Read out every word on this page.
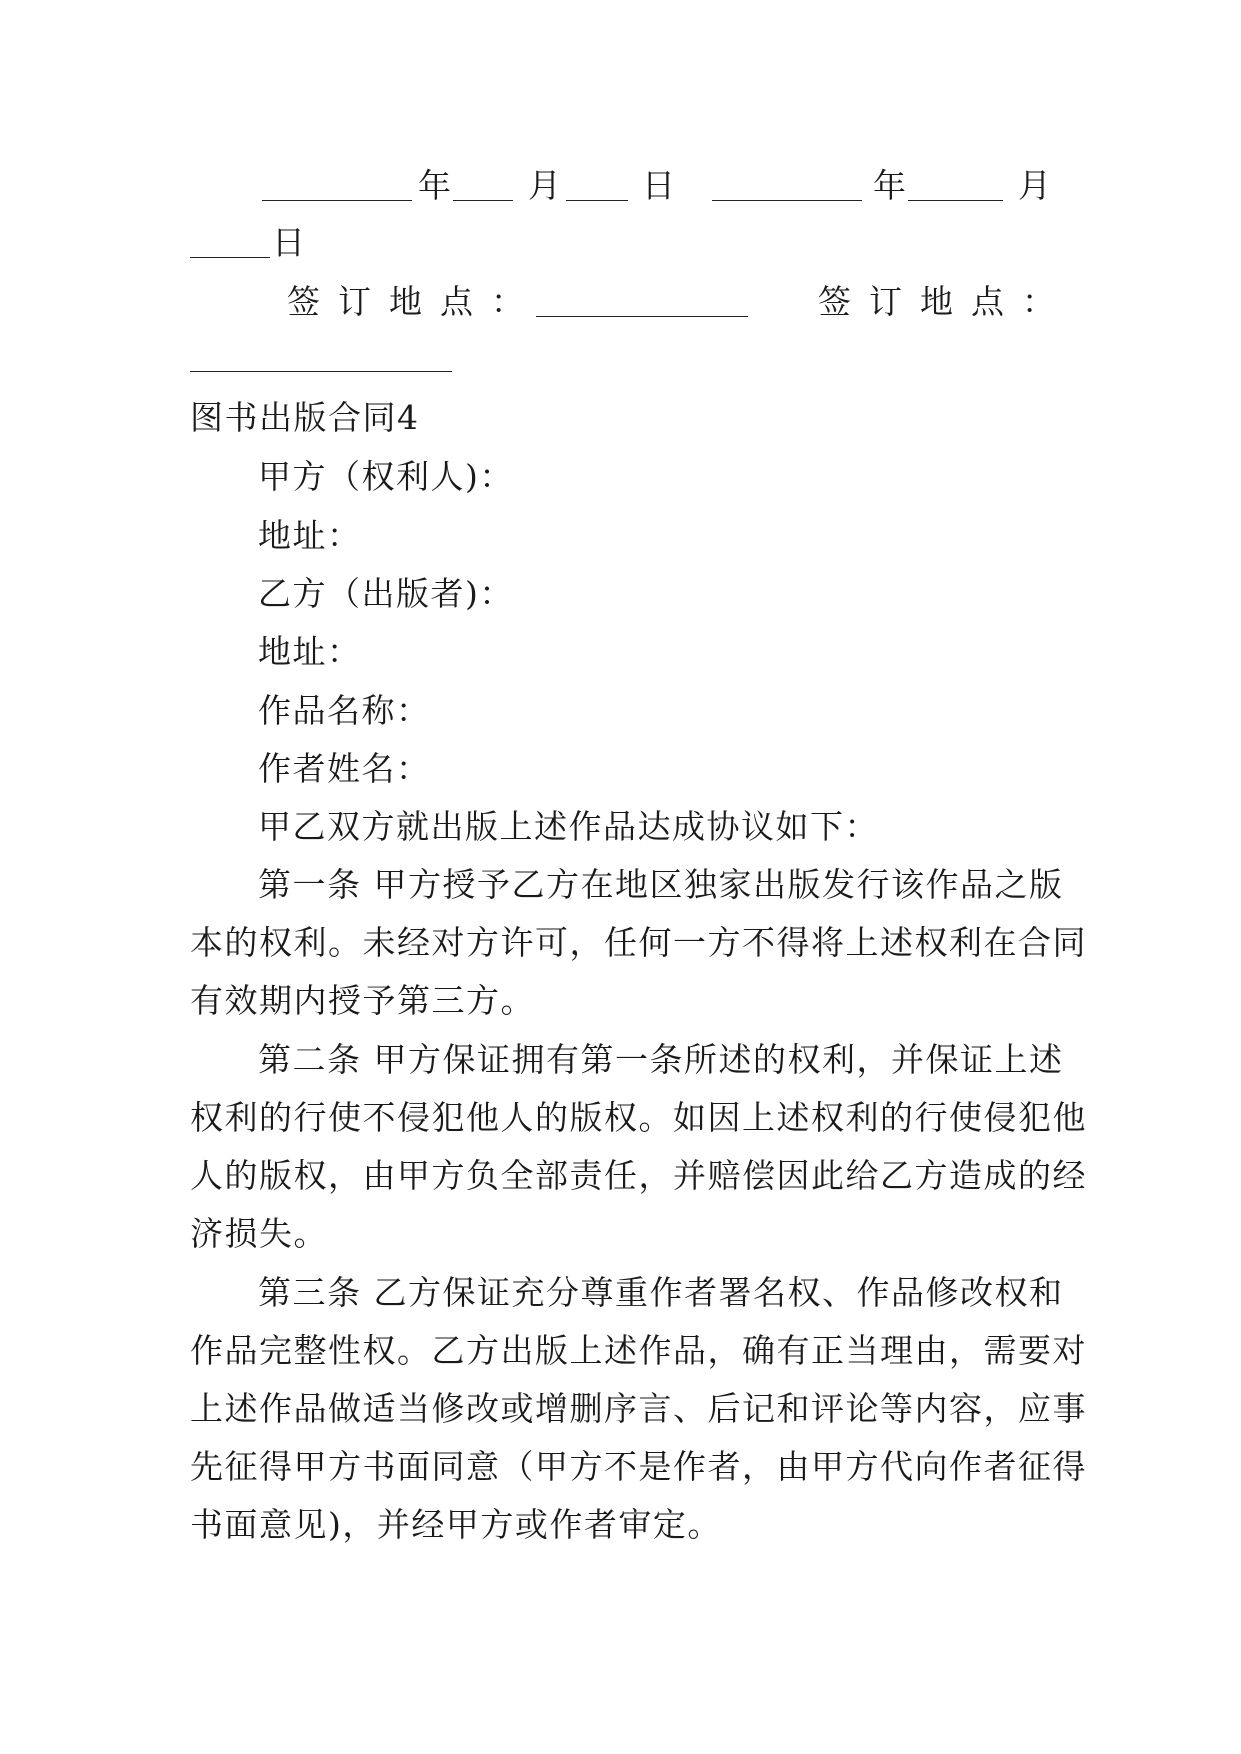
年 月 日	年	月
日
签订地点：	签订地点：
图书出版合同4
甲方（权利人)：
地址：
乙方（出版者)：
地址：
作品名称：
作者姓名：
甲乙双方就出版上述作品达成协议如下：
第一条 甲方授予乙方在地区独家出版发行该作品之版
本的权利。未经对方许可，任何一方不得将上述权利在合同
有效期内授予第三方。
第二条 甲方保证拥有第一条所述的权利，并保证上述
权利的行使不侵犯他人的版权。如因上述权利的行使侵犯他
人的版权，由甲方负全部责任，并赔偿因此给乙方造成的经
济损失。
第三条 乙方保证充分尊重作者署名权、作品修改权和
作品完整性权。乙方出版上述作品，确有正当理由，需要对
上述作品做适当修改或增删序言、后记和评论等内容，应事
先征得甲方书面同意（甲方不是作者，由甲方代向作者征得
书面意见)，并经甲方或作者审定。
